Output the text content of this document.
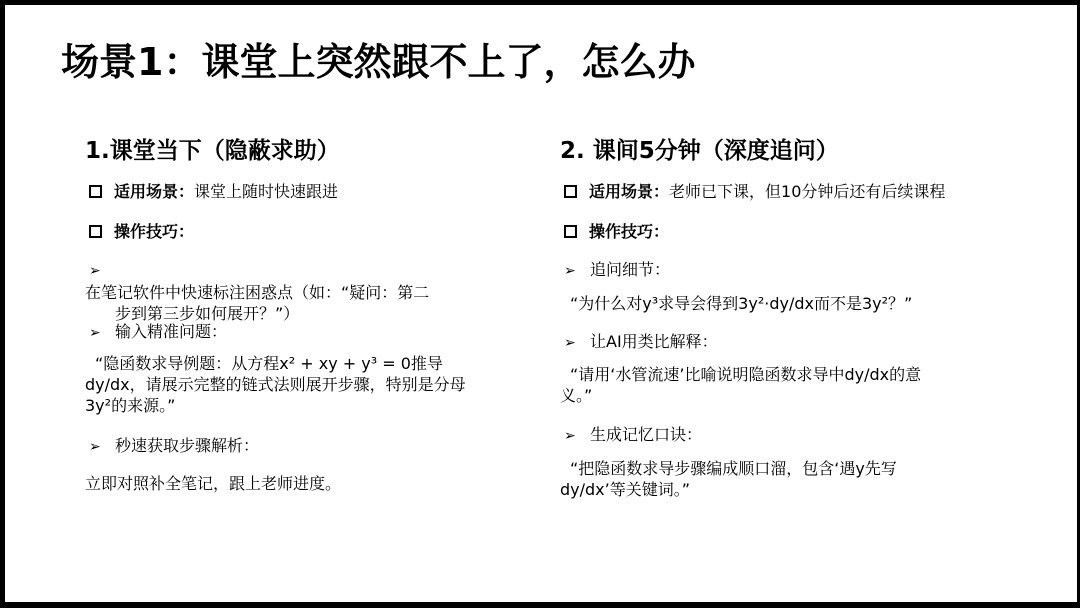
场景1：课堂上突然跟不上了，怎么办
1.课堂当下（隐蔽求助）
适用场景：课堂上随时快速跟进
操作技巧：
➢
在笔记软件中快速标注困惑点（如：“疑问：第二
步到第三步如何展开？”）
➢ 输入精准问题：
“隐函数求导例题：从方程x² + xy + y³ = 0推导
dy/dx，请展示完整的链式法则展开步骤，特别是分母
3y²的来源。”
➢ 秒速获取步骤解析：
立即对照补全笔记，跟上老师进度。
2. 课间5分钟（深度追问）
适用场景：老师已下课，但10分钟后还有后续课程
操作技巧：
➢ 追问细节：
“为什么对y³求导会得到3y²·dy/dx而不是3y²？”
➢ 让AI用类比解释：
“请用‘水管流速’比喻说明隐函数求导中dy/dx的意
义。”
➢ 生成记忆口诀：
“把隐函数求导步骤编成顺口溜，包含‘遇y先写
dy/dx’等关键词。”
